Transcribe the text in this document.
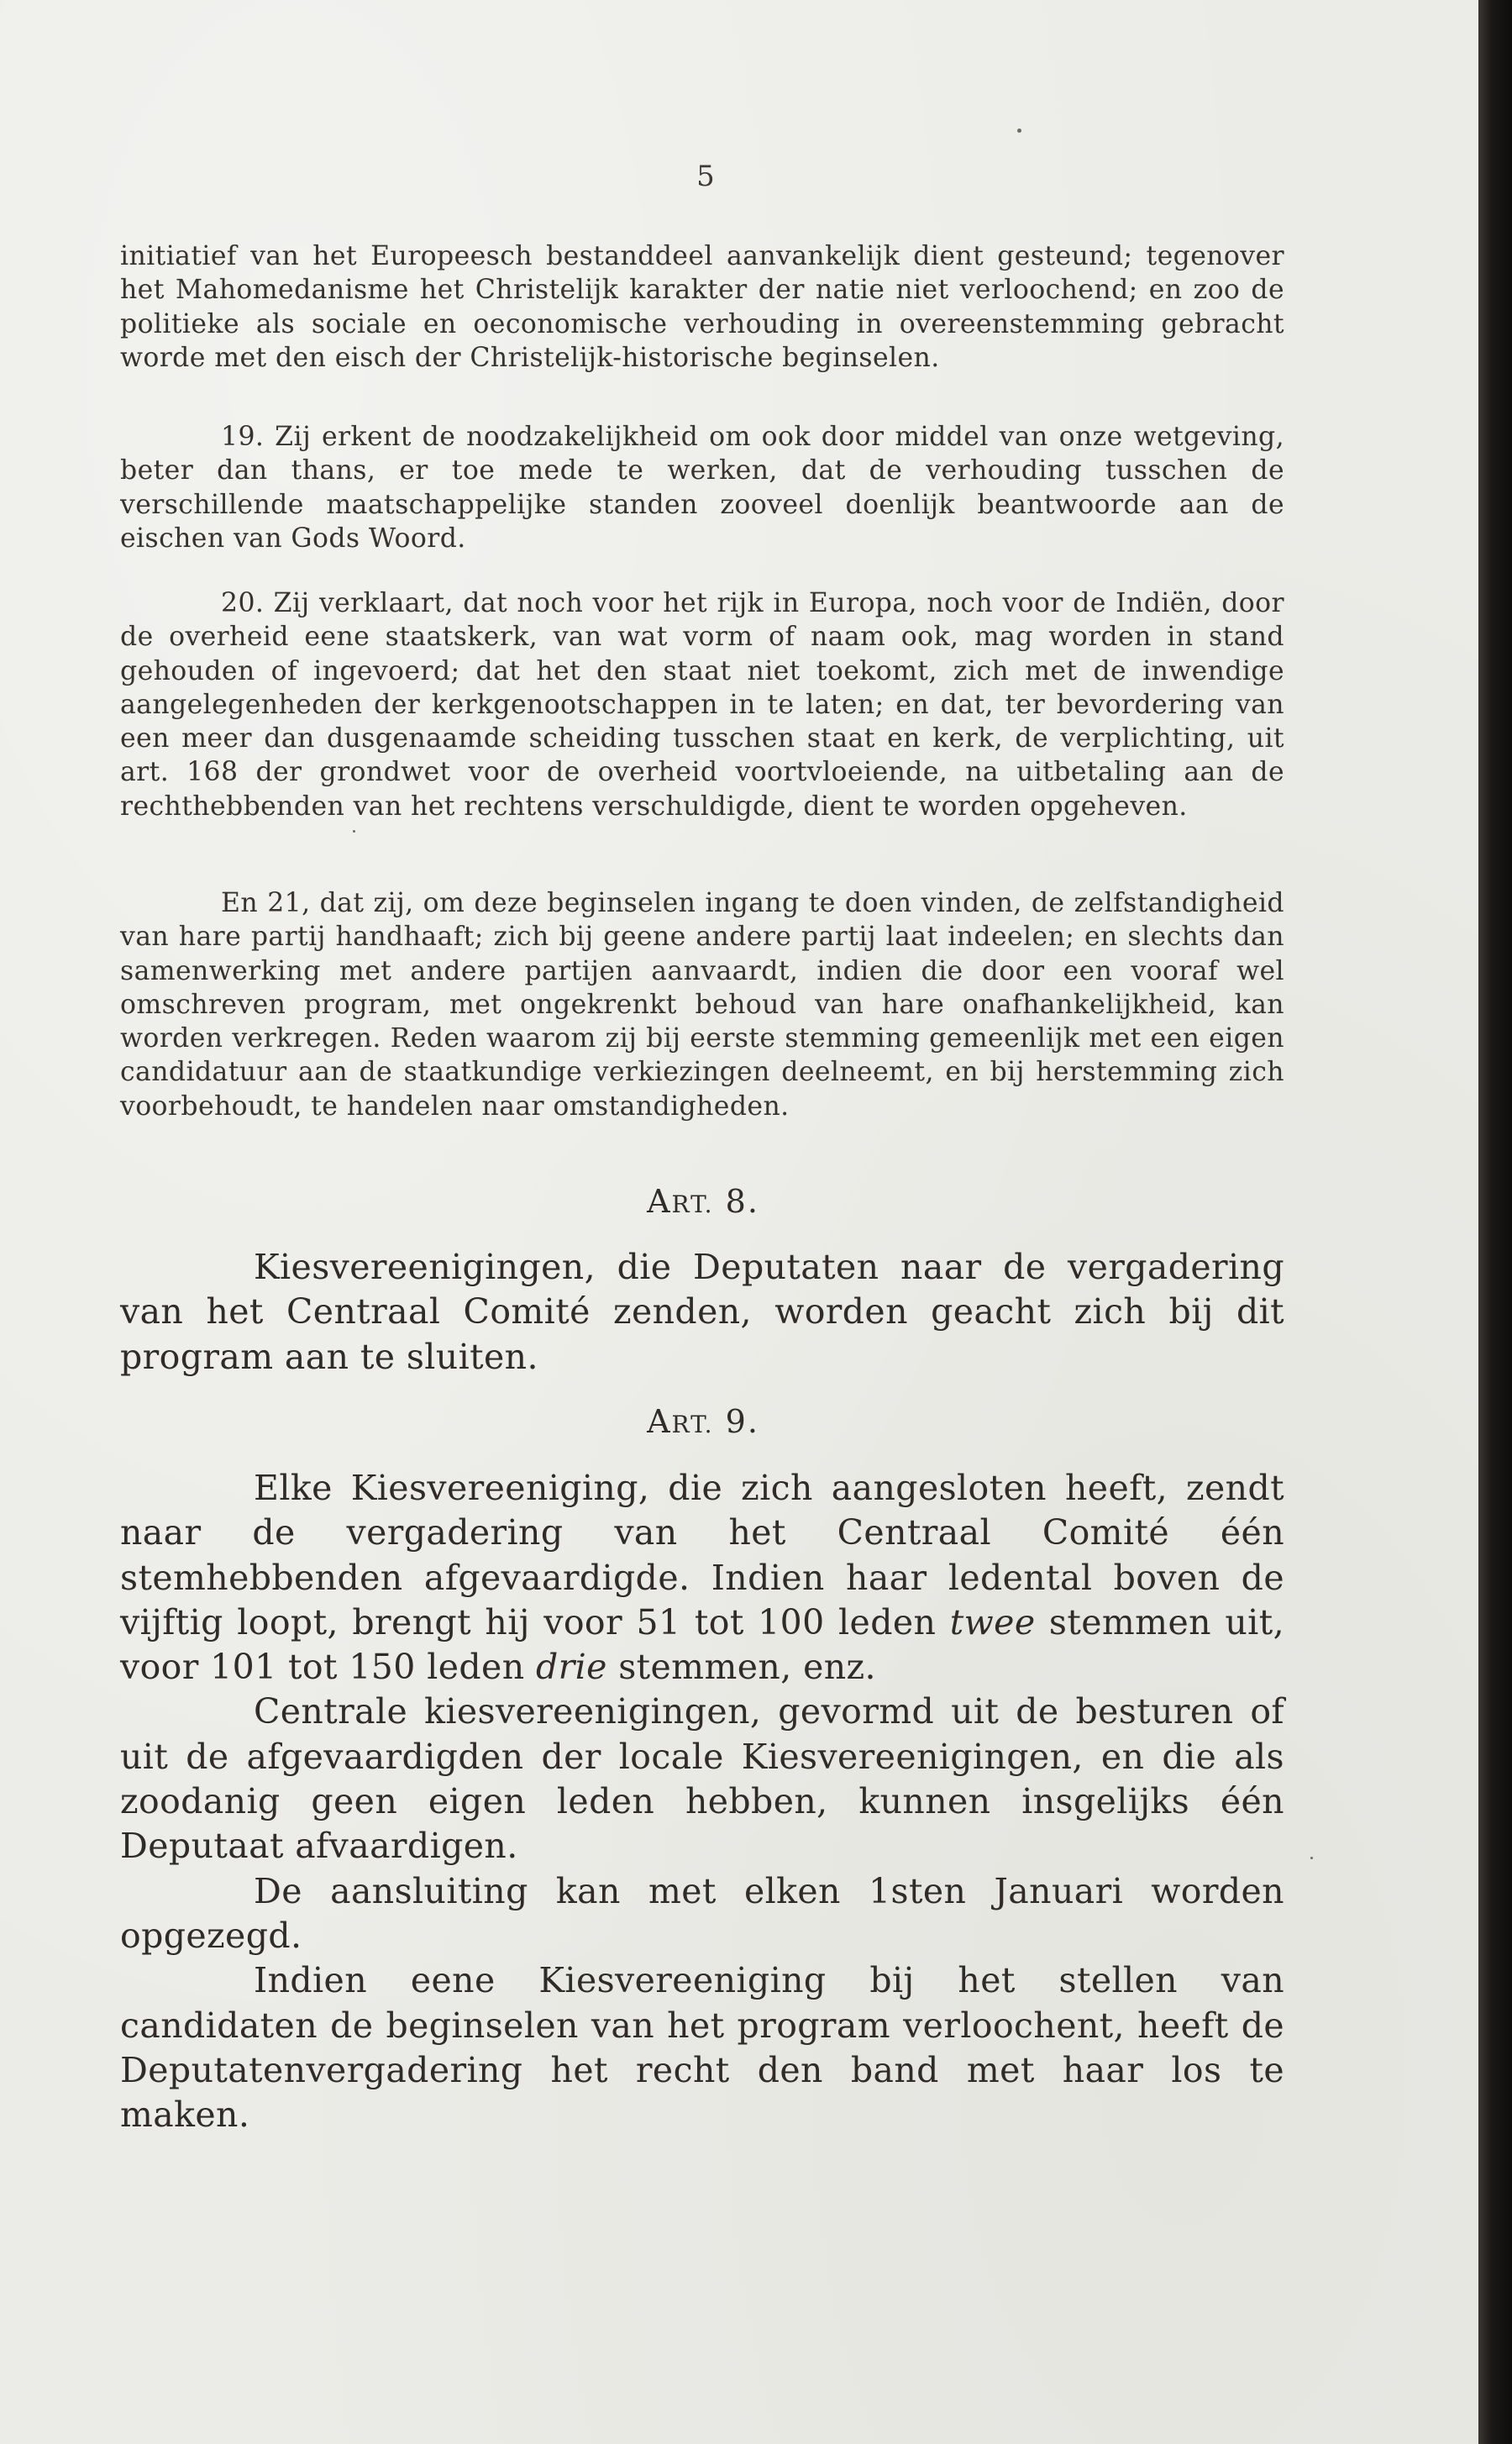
5

initiatief van het Europeesch bestanddeel aanvankelijk dient gesteund; tegenover het Mahomedanisme het Christelijk karakter der natie niet verloochend; en zoo de politieke als sociale en oeconomische verhouding in overeenstemming gebracht worde met den eisch der Christelijk-historische beginselen.

19. Zij erkent de noodzakelijkheid om ook door middel van onze wetgeving, beter dan thans, er toe mede te werken, dat de verhouding tusschen de verschillende maatschappelijke standen zooveel doenlijk beantwoorde aan de eischen van Gods Woord.

20. Zij verklaart, dat noch voor het rijk in Europa, noch voor de Indiën, door de overheid eene staatskerk, van wat vorm of naam ook, mag worden in stand gehouden of ingevoerd; dat het den staat niet toekomt, zich met de inwendige aangelegenheden der kerkgenootschappen in te laten; en dat, ter bevordering van een meer dan dusgenaamde scheiding tusschen staat en kerk, de verplichting, uit art. 168 der grondwet voor de overheid voortvloeiende, na uitbetaling aan de rechthebbenden van het rechtens verschuldigde, dient te worden opgeheven.

En 21, dat zij, om deze beginselen ingang te doen vinden, de zelfstandigheid van hare partij handhaaft; zich bij geene andere partij laat indeelen; en slechts dan samenwerking met andere partijen aanvaardt, indien die door een vooraf wel omschreven program, met ongekrenkt behoud van hare onafhankelijkheid, kan worden verkregen. Reden waarom zij bij eerste stemming gemeenlijk met een eigen candidatuur aan de staatkundige verkiezingen deelneemt, en bij herstemming zich voorbehoudt, te handelen naar omstandigheden.

ART. 8.

Kiesvereenigingen, die Deputaten naar de vergadering van het Centraal Comité zenden, worden geacht zich bij dit program aan te sluiten.

ART. 9.

Elke Kiesvereeniging, die zich aangesloten heeft, zendt naar de vergadering van het Centraal Comité één stemhebbenden afgevaardigde. Indien haar ledental boven de vijftig loopt, brengt hij voor 51 tot 100 leden twee stemmen uit, voor 101 tot 150 leden drie stemmen, enz.

Centrale kiesvereenigingen, gevormd uit de besturen of uit de afgevaardigden der locale Kiesvereenigingen, en die als zoodanig geen eigen leden hebben, kunnen insgelijks één Deputaat afvaardigen.

De aansluiting kan met elken 1sten Januari worden opgezegd.

Indien eene Kiesvereeniging bij het stellen van candidaten de beginselen van het program verloochent, heeft de Deputatenvergadering het recht den band met haar los te maken.
